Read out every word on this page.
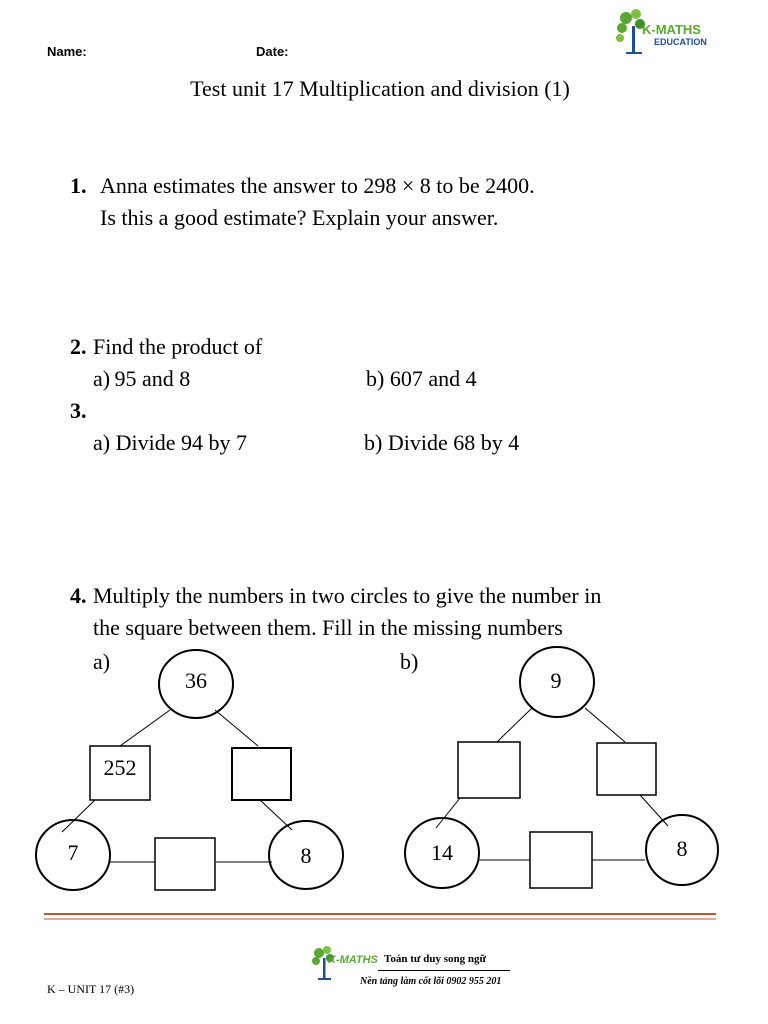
Name:	Date:
K-MATHS
EDUCATION
Test unit 17 Multiplication and division (1)
1. Anna estimates the answer to 298 × 8 to be 2400.
Is this a good estimate? Explain your answer.
2. Find the product of
a) 95 and 8	b) 607 and 4
3.
a) Divide 94 by 7	b) Divide 68 by 4
4. Multiply the numbers in two circles to give the number in
the square between them. Fill in the missing numbers
a)	b)
36
252
7	8
9
14	8
K-MATHS Toán tư duy song ngữ
Nền tảng làm cốt lõi 0902 955 201
K – UNIT 17 (#3)
